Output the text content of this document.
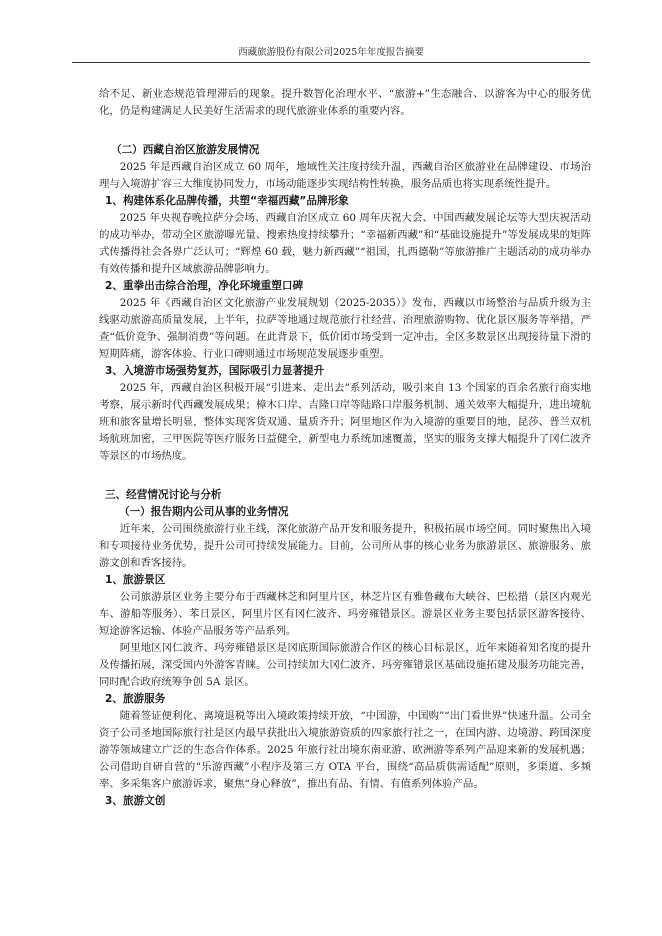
西藏旅游股份有限公司2025年年度报告摘要

给不足、新业态规范管理滞后的现象。提升数智化治理水平、“旅游+”生态融合、以游客为中心的服务优化，仍是构建满足人民美好生活需求的现代旅游业体系的重要内容。

（二）西藏自治区旅游发展情况

2025 年是西藏自治区成立 60 周年，地域性关注度持续升温，西藏自治区旅游业在品牌建设、市场治理与入境游扩容三大维度协同发力，市场动能逐步实现结构性转换，服务品质也将实现系统性提升。

1、构建体系化品牌传播，共塑“幸福西藏”品牌形象

2025 年央视春晚拉萨分会场、西藏自治区成立 60 周年庆祝大会、中国西藏发展论坛等大型庆祝活动的成功举办，带动全区旅游曝光量、搜索热度持续攀升；“幸福新西藏”和“基础设施提升”等发展成果的矩阵式传播得社会各界广泛认可；“辉煌 60 载，魅力新西藏”“祖国，扎西德勒”等旅游推广主题活动的成功举办有效传播和提升区域旅游品牌影响力。

2、重拳出击综合治理，净化环境重塑口碑

2025 年《西藏自治区文化旅游产业发展规划（2025-2035）》发布，西藏以市场整治与品质升级为主线驱动旅游高质量发展，上半年，拉萨等地通过规范旅行社经营、治理旅游购物、优化景区服务等举措，严查“低价竞争、强制消费”等问题。在此背景下，低价团市场受到一定冲击，全区多数景区出现接待量下滑的短期阵痛，游客体验、行业口碑则通过市场规范发展逐步重塑。

3、入境游市场强势复苏，国际吸引力显著提升

2025 年，西藏自治区积极开展“引进来、走出去”系列活动，吸引来自 13 个国家的百余名旅行商实地考察，展示新时代西藏发展成果；樟木口岸、吉隆口岸等陆路口岸服务机制、通关效率大幅提升，进出境航班和旅客量增长明显，整体实现客货双通、量质齐升；阿里地区作为入境游的重要目的地，昆莎、普兰双机场航班加密，三甲医院等医疗服务日益健全，新型电力系统加速覆盖，坚实的服务支撑大幅提升了冈仁波齐等景区的市场热度。

三、经营情况讨论与分析
（一）报告期内公司从事的业务情况

近年来，公司围绕旅游行业主线，深化旅游产品开发和服务提升，积极拓展市场空间。同时聚焦出入境和专项接待业务优势，提升公司可持续发展能力。目前，公司所从事的核心业务为旅游景区、旅游服务、旅游文创和香客接待。

1、旅游景区

公司旅游景区业务主要分布于西藏林芝和阿里片区，林芝片区有雅鲁藏布大峡谷、巴松措（景区内观光车、游船等服务）、苯日景区，阿里片区有冈仁波齐、玛旁雍错景区。游景区业务主要包括景区游客接待、短途游客运输、体验产品服务等产品系列。

阿里地区冈仁波齐、玛旁雍错景区是冈底斯国际旅游合作区的核心目标景区，近年来随着知名度的提升及传播拓展，深受国内外游客青睐。公司持续加大冈仁波齐、玛旁雍错景区基础设施拓建及服务功能完善，同时配合政府统筹争创 5A 景区。

2、旅游服务

随着签证便利化、离境退税等出入境政策持续开放，“中国游，中国购”“出门看世界”快速升温。公司全资子公司圣地国际旅行社是区内最早获批出入境旅游资质的四家旅行社之一，在国内游、边境游、跨国深度游等领域建立广泛的生态合作体系。2025 年旅行社出境东南亚游、欧洲游等系列产品迎来新的发展机遇；公司借助自研自营的“乐游西藏”小程序及第三方 OTA 平台，围绕“高品质供需适配”原则，多渠道、多频率、多采集客户旅游诉求，聚焦“身心释放”，推出有品、有情、有值系列体验产品。

3、旅游文创
